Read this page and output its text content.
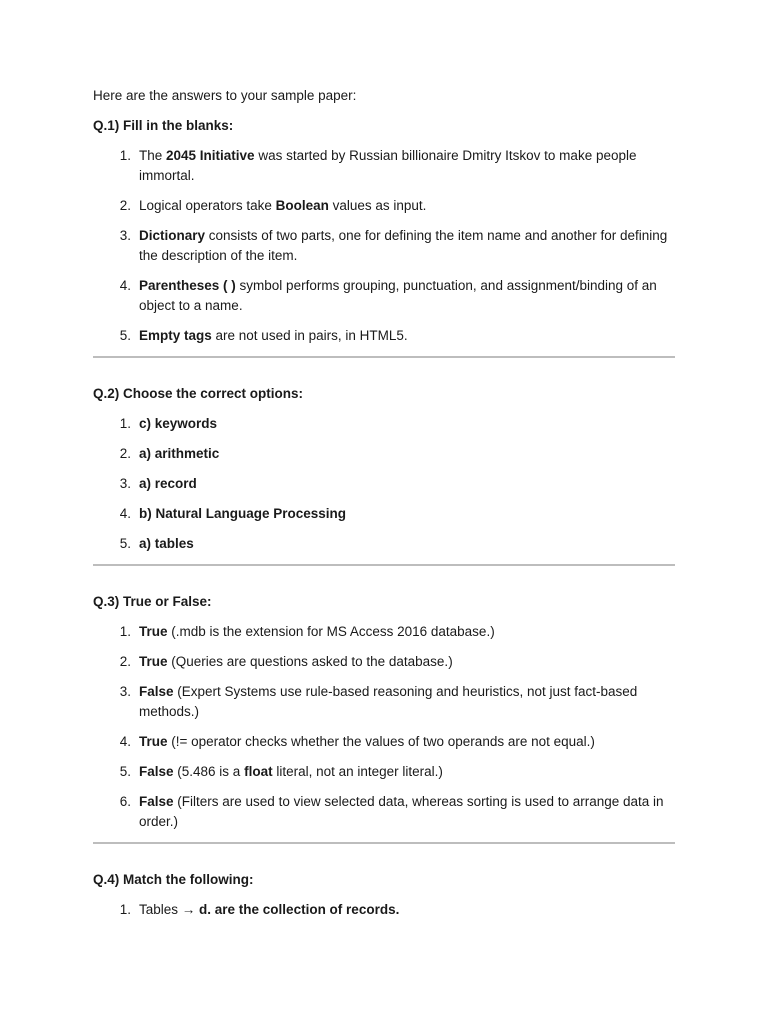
Here are the answers to your sample paper:

Q.1) Fill in the blanks:
1. The 2045 Initiative was started by Russian billionaire Dmitry Itskov to make people immortal.
2. Logical operators take Boolean values as input.
3. Dictionary consists of two parts, one for defining the item name and another for defining the description of the item.
4. Parentheses ( ) symbol performs grouping, punctuation, and assignment/binding of an object to a name.
5. Empty tags are not used in pairs, in HTML5.
Q.2) Choose the correct options:
1. c) keywords
2. a) arithmetic
3. a) record
4. b) Natural Language Processing
5. a) tables
Q.3) True or False:
1. True (.mdb is the extension for MS Access 2016 database.)
2. True (Queries are questions asked to the database.)
3. False (Expert Systems use rule-based reasoning and heuristics, not just fact-based methods.)
4. True (!= operator checks whether the values of two operands are not equal.)
5. False (5.486 is a float literal, not an integer literal.)
6. False (Filters are used to view selected data, whereas sorting is used to arrange data in order.)
Q.4) Match the following:
1. Tables → d. are the collection of records.
